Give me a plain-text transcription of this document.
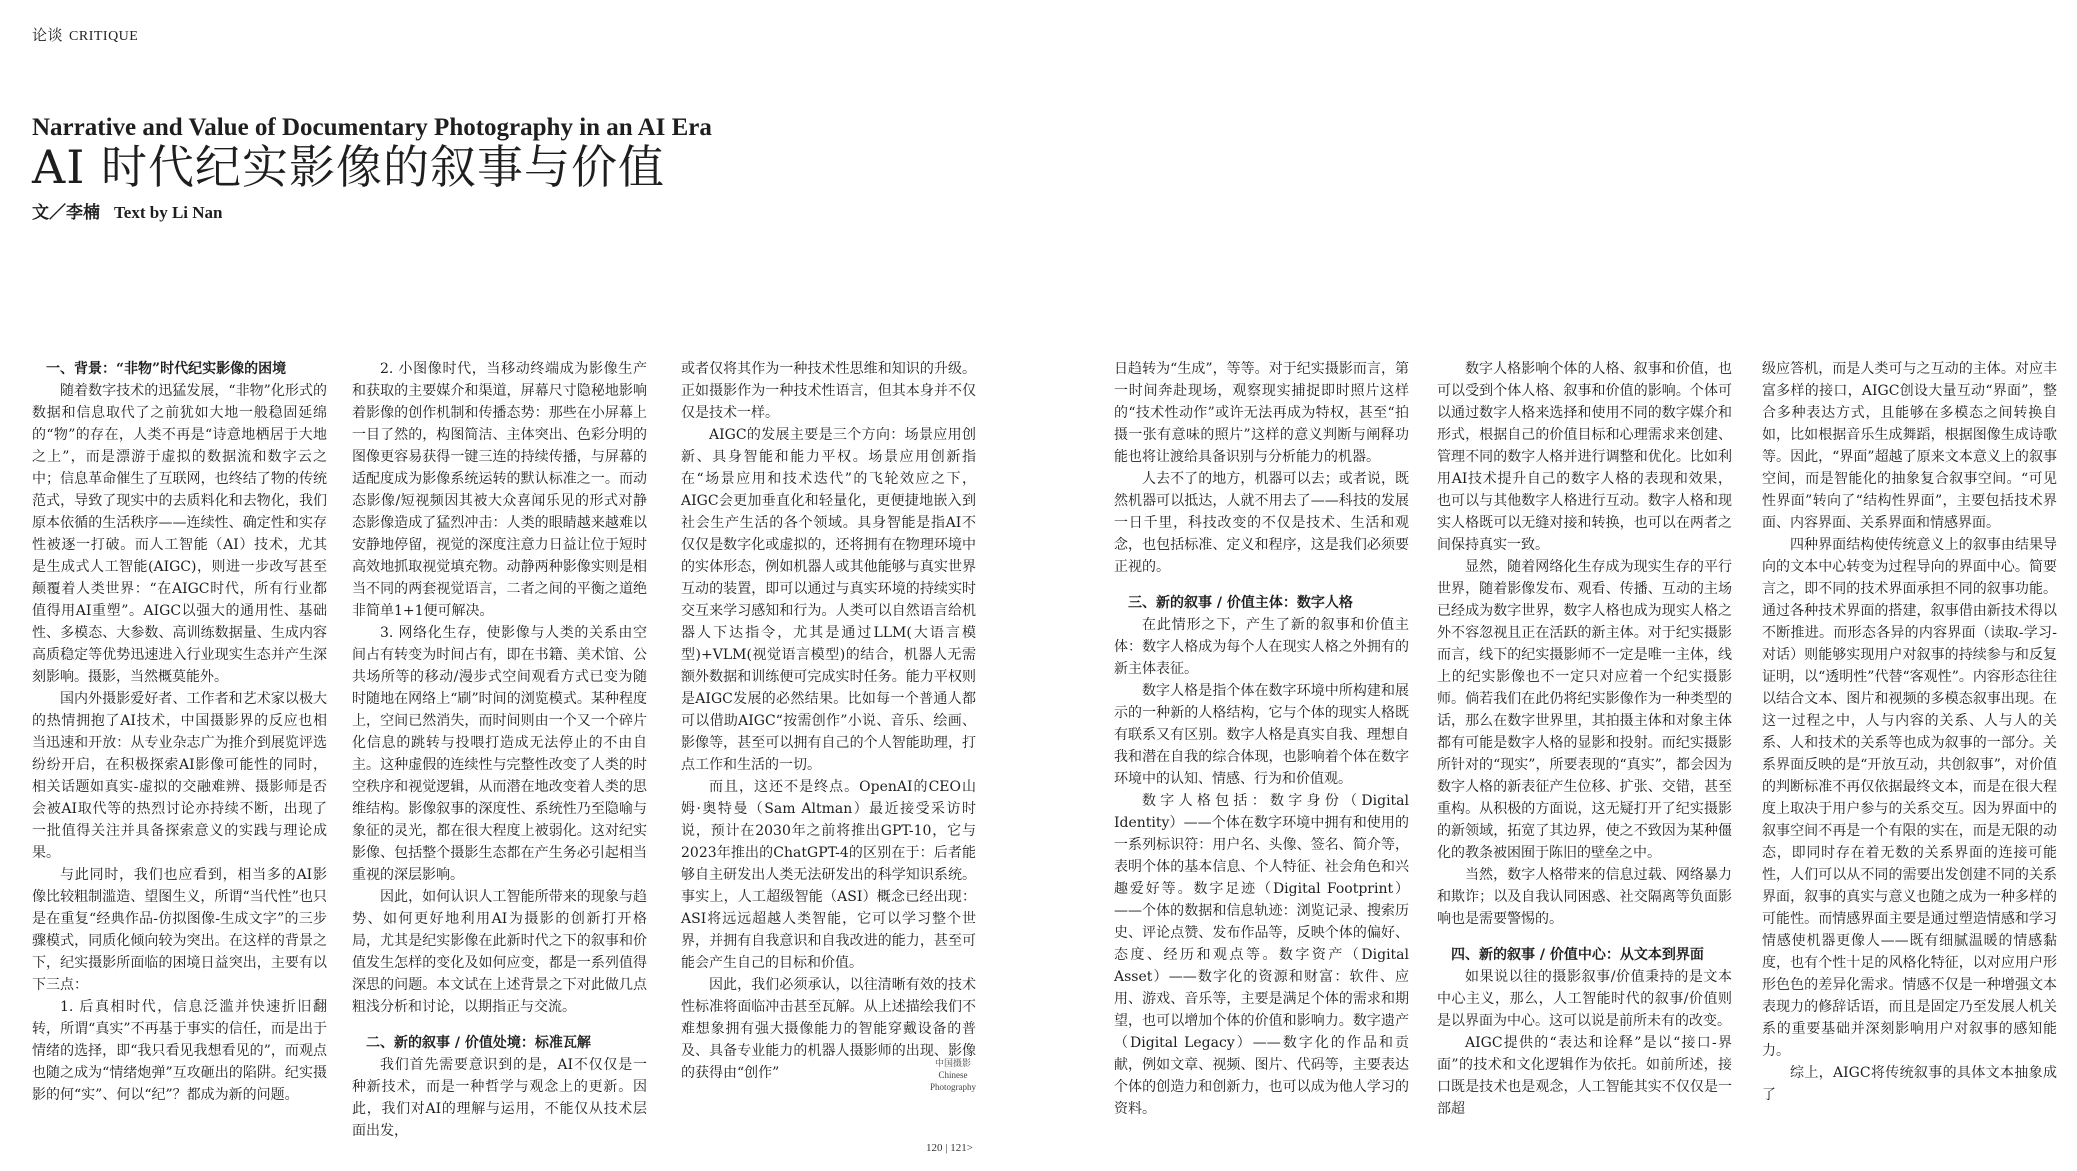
论谈 CRITIQUE
Narrative and Value of Documentary Photography in an AI Era
AI 时代纪实影像的叙事与价值
文／李楠 Text by Li Nan
一、背景：“非物”时代纪实影像的困境

随着数字技术的迅猛发展，“非物”化形式的数据和信息取代了之前犹如大地一般稳固延绵的“物”的存在，人类不再是“诗意地栖居于大地之上”，而是漂游于虚拟的数据流和数字云之中；信息革命催生了互联网，也终结了物的传统范式，导致了现实中的去质料化和去物化，我们原本依循的生活秩序——连续性、确定性和实存性被逐一打破。而人工智能（AI）技术，尤其是生成式人工智能(AIGC)，则进一步改写甚至颠覆着人类世界：“在AIGC时代，所有行业都值得用AI重塑”。AIGC以强大的通用性、基础性、多模态、大参数、高训练数据量、生成内容高质稳定等优势迅速进入行业现实生态并产生深刻影响。摄影，当然概莫能外。

国内外摄影爱好者、工作者和艺术家以极大的热情拥抱了AI技术，中国摄影界的反应也相当迅速和开放：从专业杂志广为推介到展览评选纷纷开启，在积极探索AI影像可能性的同时，相关话题如真实-虚拟的交融难辨、摄影师是否会被AI取代等的热烈讨论亦持续不断，出现了一批值得关注并具备探索意义的实践与理论成果。

与此同时，我们也应看到，相当多的AI影像比较粗制滥造、望图生义，所谓“当代性”也只是在重复“经典作品-仿拟图像-生成文字”的三步骤模式，同质化倾向较为突出。在这样的背景之下，纪实摄影所面临的困境日益突出，主要有以下三点：

1. 后真相时代，信息泛滥并快速折旧翻转，所谓“真实”不再基于事实的信任，而是出于情绪的选择，即“我只看见我想看见的”，而观点也随之成为“情绪炮弹”互攻砸出的陷阱。纪实摄影的何“实”、何以“纪”？都成为新的问题。

2. 小图像时代，当移动终端成为影像生产和获取的主要媒介和渠道，屏幕尺寸隐秘地影响着影像的创作机制和传播态势：那些在小屏幕上一目了然的，构图简洁、主体突出、色彩分明的图像更容易获得一键三连的持续传播，与屏幕的适配度成为影像系统运转的默认标准之一。而动态影像/短视频因其被大众喜闻乐见的形式对静态影像造成了猛烈冲击：人类的眼睛越来越难以安静地停留，视觉的深度注意力日益让位于短时高效地抓取视觉填充物。动静两种影像实则是相当不同的两套视觉语言，二者之间的平衡之道绝非简单1+1便可解决。

3. 网络化生存，使影像与人类的关系由空间占有转变为时间占有，即在书籍、美术馆、公共场所等的移动/漫步式空间观看方式已变为随时随地在网络上“刷”时间的浏览模式。某种程度上，空间已然消失，而时间则由一个又一个碎片化信息的跳转与投喂打造成无法停止的不由自主。这种虚假的连续性与完整性改变了人类的时空秩序和视觉逻辑，从而潜在地改变着人类的思维结构。影像叙事的深度性、系统性乃至隐喻与象征的灵光，都在很大程度上被弱化。这对纪实影像、包括整个摄影生态都在产生务必引起相当重视的深层影响。

因此，如何认识人工智能所带来的现象与趋势、如何更好地利用AI为摄影的创新打开格局，尤其是纪实影像在此新时代之下的叙事和价值发生怎样的变化及如何应变，都是一系列值得深思的问题。本文试在上述背景之下对此做几点粗浅分析和讨论，以期指正与交流。

二、新的叙事 / 价值处境：标准瓦解

我们首先需要意识到的是，AI不仅仅是一种新技术，而是一种哲学与观念上的更新。因此，我们对AI的理解与运用，不能仅从技术层面出发，

或者仅将其作为一种技术性思维和知识的升级。正如摄影作为一种技术性语言，但其本身并不仅仅是技术一样。

AIGC的发展主要是三个方向：场景应用创新、具身智能和能力平权。场景应用创新指在“场景应用和技术迭代”的飞轮效应之下，AIGC会更加垂直化和轻量化，更便捷地嵌入到社会生产生活的各个领域。具身智能是指AI不仅仅是数字化或虚拟的，还将拥有在物理环境中的实体形态，例如机器人或其他能够与真实世界互动的装置，即可以通过与真实环境的持续实时交互来学习感知和行为。人类可以自然语言给机器人下达指令，尤其是通过LLM(大语言模型)+VLM(视觉语言模型)的结合，机器人无需额外数据和训练便可完成实时任务。能力平权则是AIGC发展的必然结果。比如每一个普通人都可以借助AIGC“按需创作”小说、音乐、绘画、影像等，甚至可以拥有自己的个人智能助理，打点工作和生活的一切。

而且，这还不是终点。OpenAI的CEO山姆·奥特曼（Sam Altman）最近接受采访时说，预计在2030年之前将推出GPT-10，它与2023年推出的ChatGPT-4的区别在于：后者能够自主研发出人类无法研发出的科学知识系统。事实上，人工超级智能（ASI）概念已经出现：ASI将远远超越人类智能，它可以学习整个世界，并拥有自我意识和自我改进的能力，甚至可能会产生自己的目标和价值。

因此，我们必须承认，以往清晰有效的技术性标准将面临冲击甚至瓦解。从上述描绘我们不难想象拥有强大摄像能力的智能穿戴设备的普及、具备专业能力的机器人摄影师的出现、影像的获得由“创作”

日趋转为“生成”，等等。对于纪实摄影而言，第一时间奔赴现场，观察现实捕捉即时照片这样的“技术性动作”或许无法再成为特权，甚至“拍摄一张有意味的照片”这样的意义判断与阐释功能也将让渡给具备识别与分析能力的机器。

人去不了的地方，机器可以去；或者说，既然机器可以抵达，人就不用去了——科技的发展一日千里，科技改变的不仅是技术、生活和观念，也包括标准、定义和程序，这是我们必须要正视的。

三、新的叙事 / 价值主体：数字人格

在此情形之下，产生了新的叙事和价值主体：数字人格成为每个人在现实人格之外拥有的新主体表征。

数字人格是指个体在数字环境中所构建和展示的一种新的人格结构，它与个体的现实人格既有联系又有区别。数字人格是真实自我、理想自我和潜在自我的综合体现，也影响着个体在数字环境中的认知、情感、行为和价值观。

数字人格包括：数字身份（Digital Identity）——个体在数字环境中拥有和使用的一系列标识符：用户名、头像、签名、简介等，表明个体的基本信息、个人特征、社会角色和兴趣爱好等。数字足迹（Digital Footprint）——个体的数据和信息轨迹：浏览记录、搜索历史、评论点赞、发布作品等，反映个体的偏好、态度、经历和观点等。数字资产（Digital Asset）——数字化的资源和财富：软件、应用、游戏、音乐等，主要是满足个体的需求和期望，也可以增加个体的价值和影响力。数字遗产（Digital Legacy）——数字化的作品和贡献，例如文章、视频、图片、代码等，主要表达个体的创造力和创新力，也可以成为他人学习的资料。

数字人格影响个体的人格、叙事和价值，也可以受到个体人格、叙事和价值的影响。个体可以通过数字人格来选择和使用不同的数字媒介和形式，根据自己的价值目标和心理需求来创建、管理不同的数字人格并进行调整和优化。比如利用AI技术提升自己的数字人格的表现和效果，也可以与其他数字人格进行互动。数字人格和现实人格既可以无缝对接和转换，也可以在两者之间保持真实一致。

显然，随着网络化生存成为现实生存的平行世界，随着影像发布、观看、传播、互动的主场已经成为数字世界，数字人格也成为现实人格之外不容忽视且正在活跃的新主体。对于纪实摄影而言，线下的纪实摄影师不一定是唯一主体，线上的纪实影像也不一定只对应着一个纪实摄影师。倘若我们在此仍将纪实影像作为一种类型的话，那么在数字世界里，其拍摄主体和对象主体都有可能是数字人格的显影和投射。而纪实摄影所针对的“现实”，所要表现的“真实”，都会因为数字人格的新表征产生位移、扩张、交错，甚至重构。从积极的方面说，这无疑打开了纪实摄影的新领域，拓宽了其边界，使之不致因为某种僵化的教条被困囿于陈旧的壁垒之中。

当然，数字人格带来的信息过载、网络暴力和欺诈；以及自我认同困惑、社交隔离等负面影响也是需要警惕的。

四、新的叙事 / 价值中心：从文本到界面

如果说以往的摄影叙事/价值秉持的是文本中心主义，那么，人工智能时代的叙事/价值则是以界面为中心。这可以说是前所未有的改变。

AIGC提供的“表达和诠释”是以“接口-界面”的技术和文化逻辑作为依托。如前所述，接口既是技术也是观念，人工智能其实不仅仅是一部超

级应答机，而是人类可与之互动的主体。对应丰富多样的接口，AIGC创设大量互动“界面”，整合多种表达方式，且能够在多模态之间转换自如，比如根据音乐生成舞蹈，根据图像生成诗歌等。因此，“界面”超越了原来文本意义上的叙事空间，而是智能化的抽象复合叙事空间。“可见性界面”转向了“结构性界面”，主要包括技术界面、内容界面、关系界面和情感界面。

四种界面结构使传统意义上的叙事由结果导向的文本中心转变为过程导向的界面中心。简要言之，即不同的技术界面承担不同的叙事功能。通过各种技术界面的搭建，叙事借由新技术得以不断推进。而形态各异的内容界面（读取-学习-对话）则能够实现用户对叙事的持续参与和反复证明，以“透明性”代替“客观性”。内容形态往往以结合文本、图片和视频的多模态叙事出现。在这一过程之中，人与内容的关系、人与人的关系、人和技术的关系等也成为叙事的一部分。关系界面反映的是“开放互动，共创叙事”，对价值的判断标准不再仅依据最终文本，而是在很大程度上取决于用户参与的关系交互。因为界面中的叙事空间不再是一个有限的实在，而是无限的动态，即同时存在着无数的关系界面的连接可能性，人们可以从不同的需要出发创建不同的关系界面，叙事的真实与意义也随之成为一种多样的可能性。而情感界面主要是通过塑造情感和学习情感使机器更像人——既有细腻温暖的情感黏度，也有个性十足的风格化特征，以对应用户形形色色的差异化需求。情感不仅是一种增强文本表现力的修辞话语，而且是固定乃至发展人机关系的重要基础并深刻影响用户对叙事的感知能力。

综上，AIGC将传统叙事的具体文本抽象成了

中国摄影
Chinese
Photography
120 | 121>
